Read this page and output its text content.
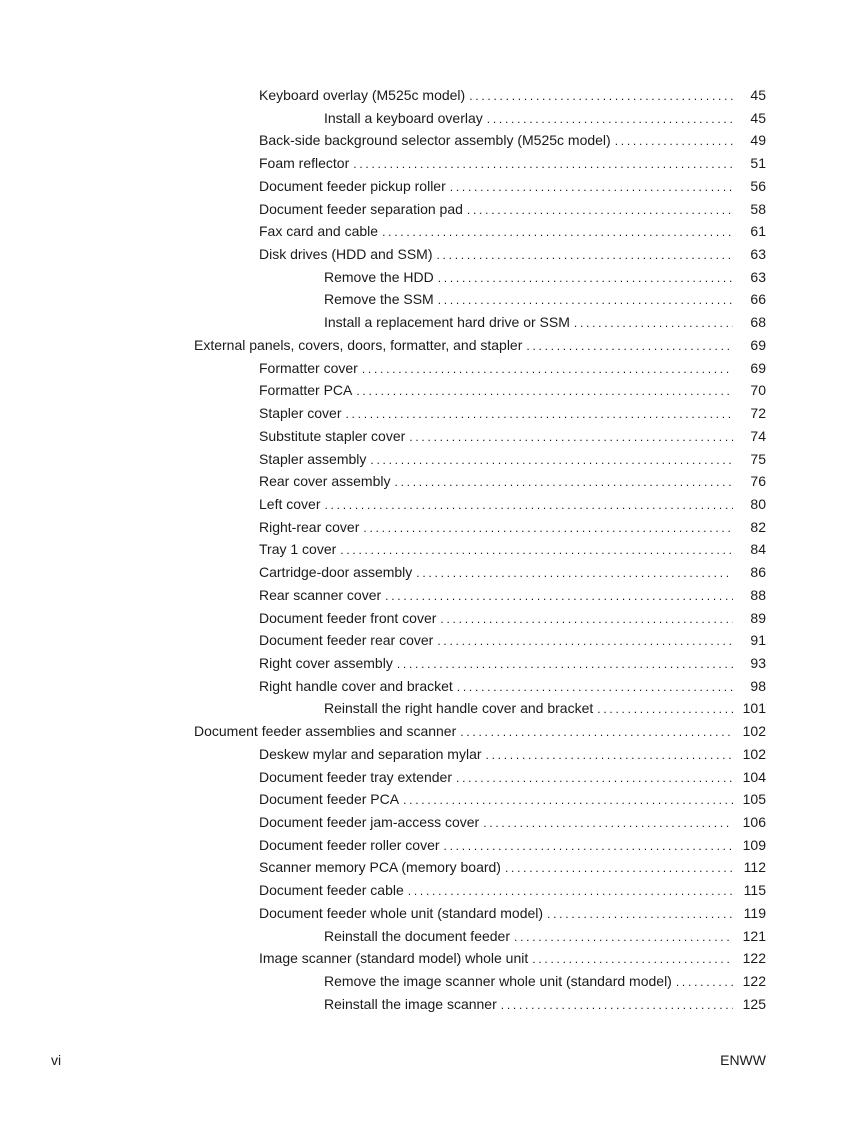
Keyboard overlay (M525c model) . . .	45
Install a keyboard overlay . . .	45
Back-side background selector assembly (M525c model) . . .	49
Foam reflector . . .	51
Document feeder pickup roller . . .	56
Document feeder separation pad . . .	58
Fax card and cable . . .	61
Disk drives (HDD and SSM) . . .	63
Remove the HDD . . .	63
Remove the SSM . . .	66
Install a replacement hard drive or SSM . . .	68
External panels, covers, doors, formatter, and stapler . . .	69
Formatter cover . . .	69
Formatter PCA . . .	70
Stapler cover . . .	72
Substitute stapler cover . . .	74
Stapler assembly . . .	75
Rear cover assembly . . .	76
Left cover . . .	80
Right-rear cover . . .	82
Tray 1 cover . . .	84
Cartridge-door assembly . . .	86
Rear scanner cover . . .	88
Document feeder front cover . . .	89
Document feeder rear cover . . .	91
Right cover assembly . . .	93
Right handle cover and bracket . . .	98
Reinstall the right handle cover and bracket . . .	101
Document feeder assemblies and scanner . . .	102
Deskew mylar and separation mylar . . .	102
Document feeder tray extender . . .	104
Document feeder PCA . . .	105
Document feeder jam-access cover . . .	106
Document feeder roller cover . . .	109
Scanner memory PCA (memory board) . . .	112
Document feeder cable . . .	115
Document feeder whole unit (standard model) . . .	119
Reinstall the document feeder . . .	121
Image scanner (standard model) whole unit . . .	122
Remove the image scanner whole unit (standard model) . . .	122
Reinstall the image scanner . . .	125
vi	ENWW
